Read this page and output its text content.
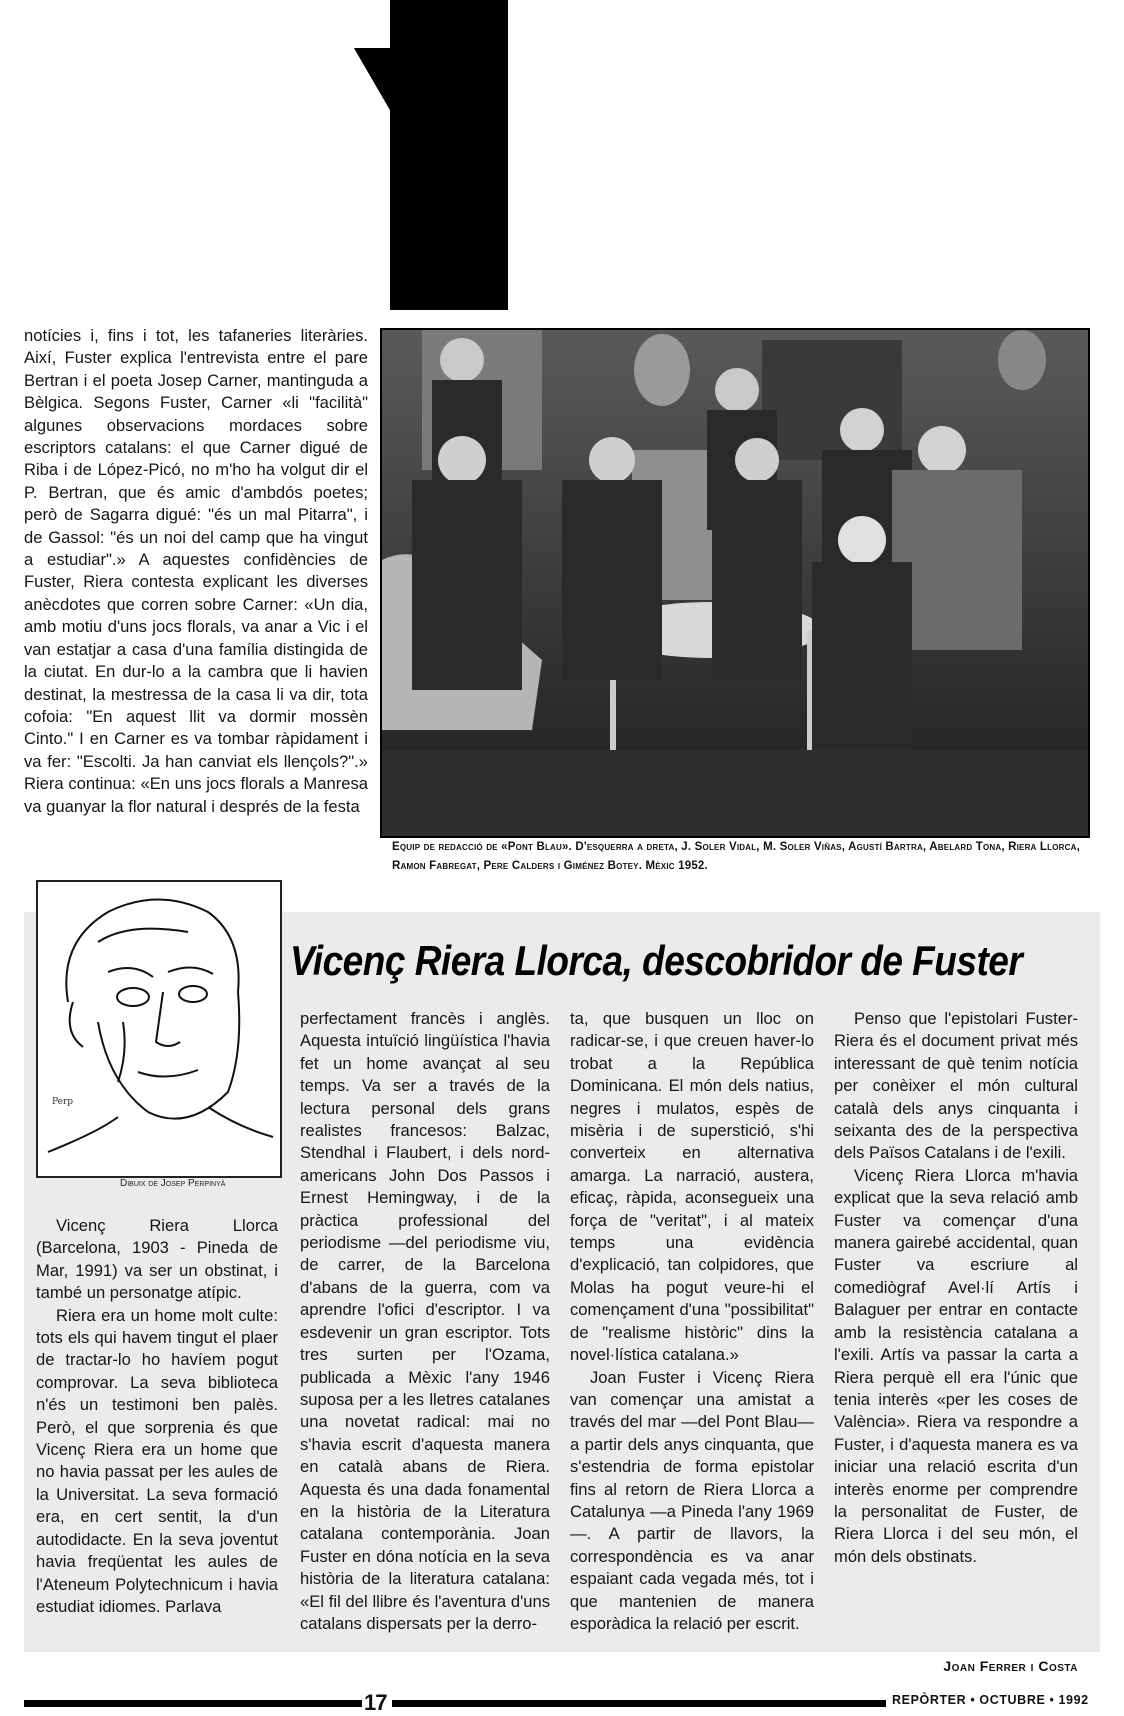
notícies i, fins i tot, les tafaneries literàries. Així, Fuster explica l'entrevista entre el pare Bertran i el poeta Josep Carner, mantinguda a Bèlgica. Segons Fuster, Carner «li "facilità" algunes observacions mordaces sobre escriptors catalans: el que Carner digué de Riba i de López-Picó, no m'ho ha volgut dir el P. Bertran, que és amic d'ambdós poetes; però de Sagarra digué: "és un mal Pitarra", i de Gassol: "és un noi del camp que ha vingut a estudiar".» A aquestes confidències de Fuster, Riera contesta explicant les diverses anècdotes que corren sobre Carner: «Un dia, amb motiu d'uns jocs florals, va anar a Vic i el van estatjar a casa d'una família distingida de la ciutat. En dur-lo a la cambra que li havien destinat, la mestressa de la casa li va dir, tota cofoia: "En aquest llit va dormir mossèn Cinto." I en Carner es va tombar ràpidament i va fer: "Escolti. Ja han canviat els llençols?".» Riera continua: «En uns jocs florals a Manresa va guanyar la flor natural i després de la festa

Equip de redacció de «Pont Blau». D'esquerra a dreta, J. Soler Vidal, M. Soler Viñas, Agustí Bartra, Abelard Tona, Riera Llorca, Ramon Fabregat, Pere Calders i Giménez Botey. Mèxic 1952.
Perp
Dibuix de Josep Perpinyà
Vicenç Riera Llorca, descobridor de Fuster

Vicenç Riera Llorca (Barcelona, 1903 - Pineda de Mar, 1991) va ser un obstinat, i també un personatge atípic.

Riera era un home molt culte: tots els qui havem tingut el plaer de tractar-lo ho havíem pogut comprovar. La seva biblioteca n'és un testimoni ben palès. Però, el que sorprenia és que Vicenç Riera era un home que no havia passat per les aules de la Universitat. La seva formació era, en cert sentit, la d'un autodidacte. En la seva joventut havia freqüentat les aules de l'Ateneum Polytechnicum i havia estudiat idiomes. Parlava

perfectament francès i anglès. Aquesta intuïció lingüística l'havia fet un home avançat al seu temps. Va ser a través de la lectura personal dels grans realistes francesos: Balzac, Stendhal i Flaubert, i dels nord-americans John Dos Passos i Ernest Hemingway, i de la pràctica professional del periodisme —del periodisme viu, de carrer, de la Barcelona d'abans de la guerra, com va aprendre l'ofici d'escriptor. I va esdevenir un gran escriptor. Tots tres surten per l'Ozama, publicada a Mèxic l'any 1946 suposa per a les lletres catalanes una novetat radical: mai no s'havia escrit d'aquesta manera en català abans de Riera. Aquesta és una dada fonamental en la història de la Literatura catalana contemporània. Joan Fuster en dóna notícia en la seva història de la literatura catalana: «El fil del llibre és l'aventura d'uns catalans dispersats per la derro-

ta, que busquen un lloc on radicar-se, i que creuen haver-lo trobat a la República Dominicana. El món dels natius, negres i mulatos, espès de misèria i de superstició, s'hi converteix en alternativa amarga. La narració, austera, eficaç, ràpida, aconsegueix una força de "veritat", i al mateix temps una evidència d'explicació, tan colpidores, que Molas ha pogut veure-hi el començament d'una "possibilitat" de "realisme històric" dins la novel·lística catalana.»

Joan Fuster i Vicenç Riera van començar una amistat a través del mar —del Pont Blau— a partir dels anys cinquanta, que s'estendria de forma epistolar fins al retorn de Riera Llorca a Catalunya —a Pineda l'any 1969—. A partir de llavors, la correspondència es va anar espaiant cada vegada més, tot i que mantenien de manera esporàdica la relació per escrit.

Penso que l'epistolari Fuster-Riera és el document privat més interessant de què tenim notícia per conèixer el món cultural català dels anys cinquanta i seixanta des de la perspectiva dels Països Catalans i de l'exili.

Vicenç Riera Llorca m'havia explicat que la seva relació amb Fuster va començar d'una manera gairebé accidental, quan Fuster va escriure al comediògraf Avel·lí Artís i Balaguer per entrar en contacte amb la resistència catalana a l'exili. Artís va passar la carta a Riera perquè ell era l'únic que tenia interès «per les coses de València». Riera va respondre a Fuster, i d'aquesta manera es va iniciar una relació escrita d'un interès enorme per comprendre la personalitat de Fuster, de Riera Llorca i del seu món, el món dels obstinats.

Joan Ferrer i Costa
17	REPÒRTER • OCTUBRE • 1992
